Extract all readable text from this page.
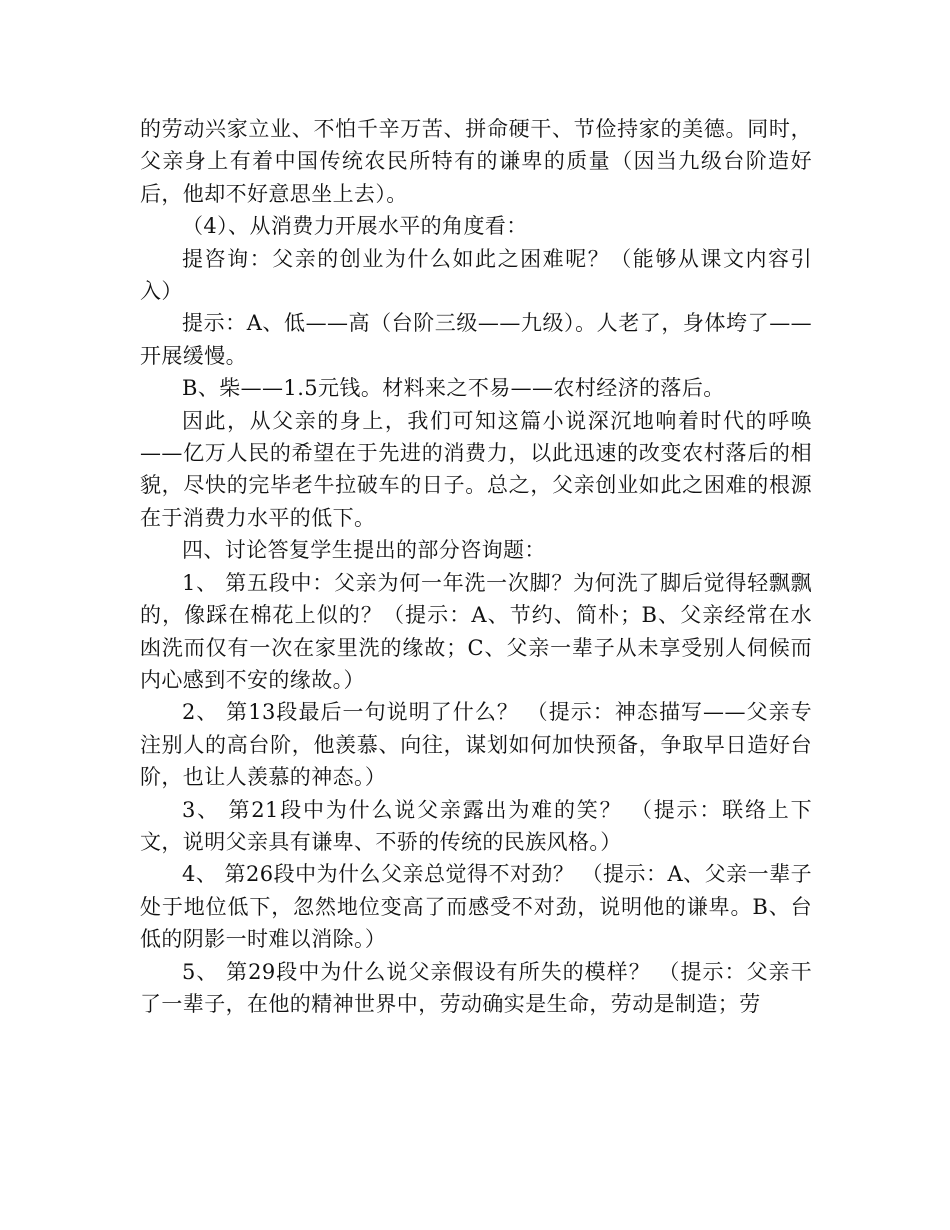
的劳动兴家立业、不怕千辛万苦、拼命硬干、节俭持家的美德。同时，父亲身上有着中国传统农民所特有的谦卑的质量（因当九级台阶造好后，他却不好意思坐上去）。

（4）、从消费力开展水平的角度看：

提咨询：父亲的创业为什么如此之困难呢？（能够从课文内容引入）

提示：A、低——高（台阶三级——九级）。人老了，身体垮了——开展缓慢。

B、柴——1.5元钱。材料来之不易——农村经济的落后。

因此，从父亲的身上，我们可知这篇小说深沉地响着时代的呼唤——亿万人民的希望在于先进的消费力，以此迅速的改变农村落后的相貌，尽快的完毕老牛拉破车的日子。总之，父亲创业如此之困难的根源在于消费力水平的低下。

四、讨论答复学生提出的部分咨询题：

1、 第五段中：父亲为何一年洗一次脚？为何洗了脚后觉得轻飘飘的，像踩在棉花上似的？（提示：A、节约、简朴；B、父亲经常在水凼洗而仅有一次在家里洗的缘故；C、父亲一辈子从未享受别人伺候而内心感到不安的缘故。）

2、 第13段最后一句说明了什么？ （提示：神态描写——父亲专注别人的高台阶，他羡慕、向往，谋划如何加快预备，争取早日造好台阶，也让人羡慕的神态。）

3、 第21段中为什么说父亲露出为难的笑？ （提示：联络上下文，说明父亲具有谦卑、不骄的传统的民族风格。）

4、 第26段中为什么父亲总觉得不对劲？ （提示：A、父亲一辈子处于地位低下，忽然地位变高了而感受不对劲，说明他的谦卑。B、台低的阴影一时难以消除。）

5、 第29段中为什么说父亲假设有所失的模样？ （提示：父亲干了一辈子，在他的精神世界中，劳动确实是生命，劳动是制造；劳
